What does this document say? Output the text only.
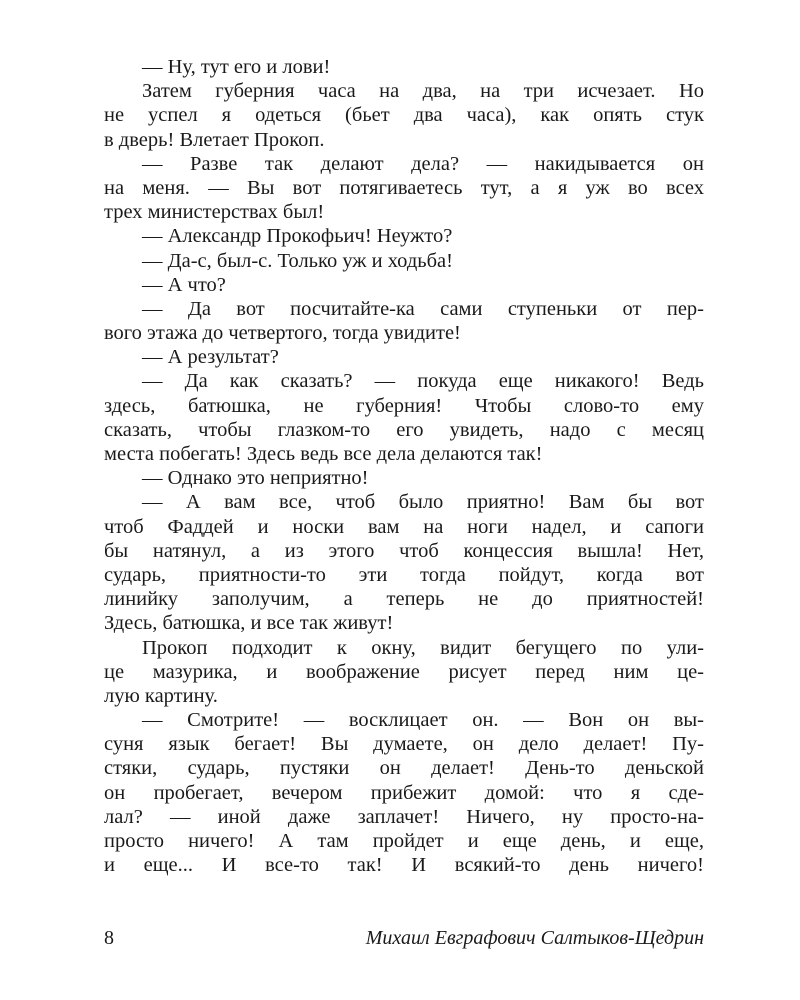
— Ну, тут его и лови!
Затем губерния часа на два, на три исчезает. Но
не успел я одеться (бьет два часа), как опять стук
в дверь! Влетает Прокоп.
— Разве так делают дела? — накидывается он
на меня. — Вы вот потягиваетесь тут, а я уж во всех
трех министерствах был!
— Александр Прокофьич! Неужто?
— Да-с, был-с. Только уж и ходьба!
— А что?
— Да вот посчитайте-ка сами ступеньки от пер-
вого этажа до четвертого, тогда увидите!
— А результат?
— Да как сказать? — покуда еще никакого! Ведь
здесь, батюшка, не губерния! Чтобы слово-то ему
сказать, чтобы глазком-то его увидеть, надо с месяц
места побегать! Здесь ведь все дела делаются так!
— Однако это неприятно!
— А вам все, чтоб было приятно! Вам бы вот
чтоб Фаддей и носки вам на ноги надел, и сапоги
бы натянул, а из этого чтоб концессия вышла! Нет,
сударь, приятности-то эти тогда пойдут, когда вот
линийку заполучим, а теперь не до приятностей!
Здесь, батюшка, и все так живут!
Прокоп подходит к окну, видит бегущего по ули-
це мазурика, и воображение рисует перед ним це-
лую картину.
— Смотрите! — восклицает он. — Вон он вы-
суня язык бегает! Вы думаете, он дело делает! Пу-
стяки, сударь, пустяки он делает! День-то деньской
он пробегает, вечером прибежит домой: что я сде-
лал? — иной даже заплачет! Ничего, ну просто-на-
просто ничего! А там пройдет и еще день, и еще,
и еще... И все-то так! И всякий-то день ничего!
8	Михаил Евграфович Салтыков-Щедрин
